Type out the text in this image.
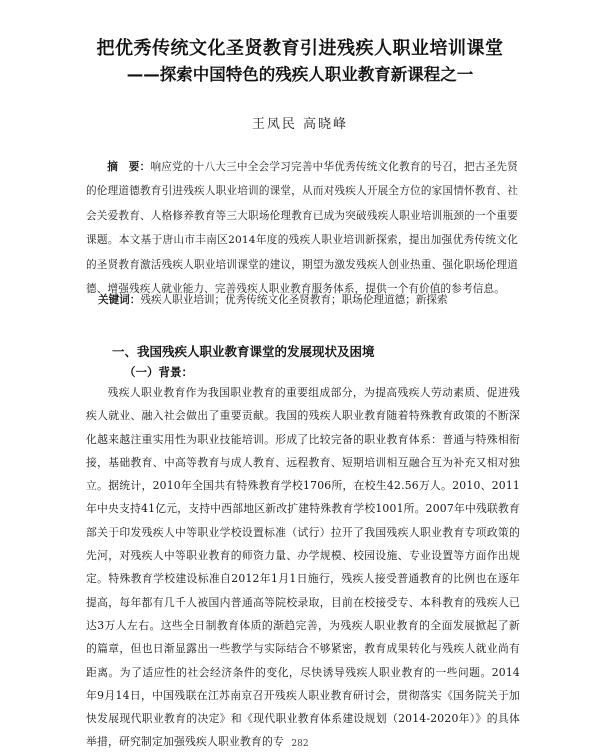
把优秀传统文化圣贤教育引进残疾人职业培训课堂
——探索中国特色的残疾人职业教育新课程之一
王凤民 高晓峰

摘　要：响应党的十八大三中全会学习完善中华优秀传统文化教育的号召，把古圣先贤的伦理道德教育引进残疾人职业培训的课堂，从而对残疾人开展全方位的家国情怀教育、社会关爱教育、人格修养教育等三大职场伦理教育已成为突破残疾人职业培训瓶颈的一个重要课题。本文基于唐山市丰南区2014年度的残疾人职业培训新探索，提出加强优秀传统文化的圣贤教育激活残疾人职业培训课堂的建议，期望为激发残疾人创业热重、强化职场伦理道德、增强残疾人就业能力、完善残疾人职业教育服务体系，提供一个有价值的参考信息。

关键词：残疾人职业培训；优秀传统文化圣贤教育；职场伦理道德；新探索

一、我国残疾人职业教育课堂的发展现状及困境
（一）背景：

残疾人职业教育作为我国职业教育的重要组成部分，为提高残疾人劳动素质、促进残疾人就业、融入社会做出了重要贡献。我国的残疾人职业教育随着特殊教育政策的不断深化越来越注重实用性为职业技能培训。形成了比较完备的职业教育体系：普通与特殊相衔接，基础教育、中高等教育与成人教育、远程教育、短期培训相互融合互为补充又相对独立。据统计，2010年全国共有特殊教育学校1706所，在校生42.56万人。2010、2011年中央支持41亿元，支持中西部地区新改扩建特殊教育学校1001所。2007年中残联教育部关于印发残疾人中等职业学校设置标准（试行）拉开了我国残疾人职业教育专项政策的先河，对残疾人中等职业教育的师资力量、办学规模、校园设施、专业设置等方面作出规定。特殊教育学校建设标准自2012年1月1日施行，残疾人接受普通教育的比例也在逐年提高，每年都有几千人被国内普通高等院校录取，目前在校接受专、本科教育的残疾人已达3万人左右。这些全日制教育体质的渐趋完善，为残疾人职业教育的全面发展掀起了新的篇章，但也日渐显露出一些教学与实际结合不够紧密，教育成果转化与残疾人就业尚有距离。为了适应性的社会经济条件的变化，尽快诱导残疾人职业教育的一些问题。2014年9月14日，中国残联在江苏南京召开残疾人职业教育研讨会，贯彻落实《国务院关于加快发展现代职业教育的决定》和《现代职业教育体系建设规划（2014-2020年）》的具体举措，研究制定加强残疾人职业教育的专 282
